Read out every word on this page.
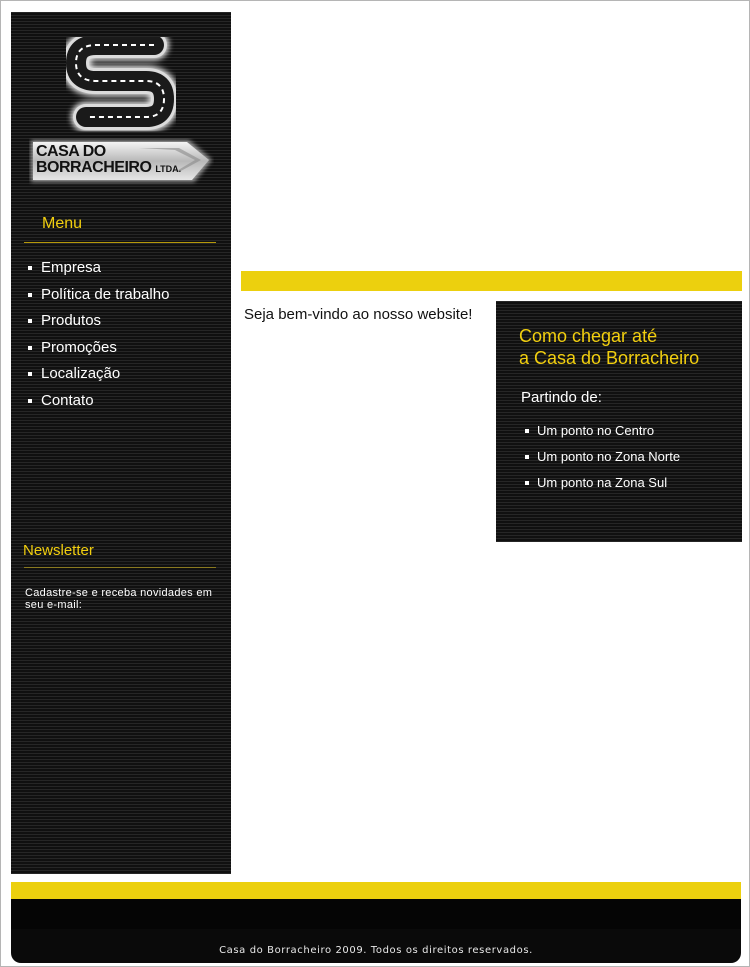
CASA DO
BORRACHEIRO LTDA.
Menu
Empresa
Política de trabalho
Produtos
Promoções
Localização
Contato
Newsletter
Cadastre-se e receba novidades em seu e-mail:
Seja bem-vindo ao nosso website!
Como chegar até
a Casa do Borracheiro
Partindo de:
Um ponto no Centro
Um ponto no Zona Norte
Um ponto na Zona Sul
Casa do Borracheiro 2009. Todos os direitos reservados.
